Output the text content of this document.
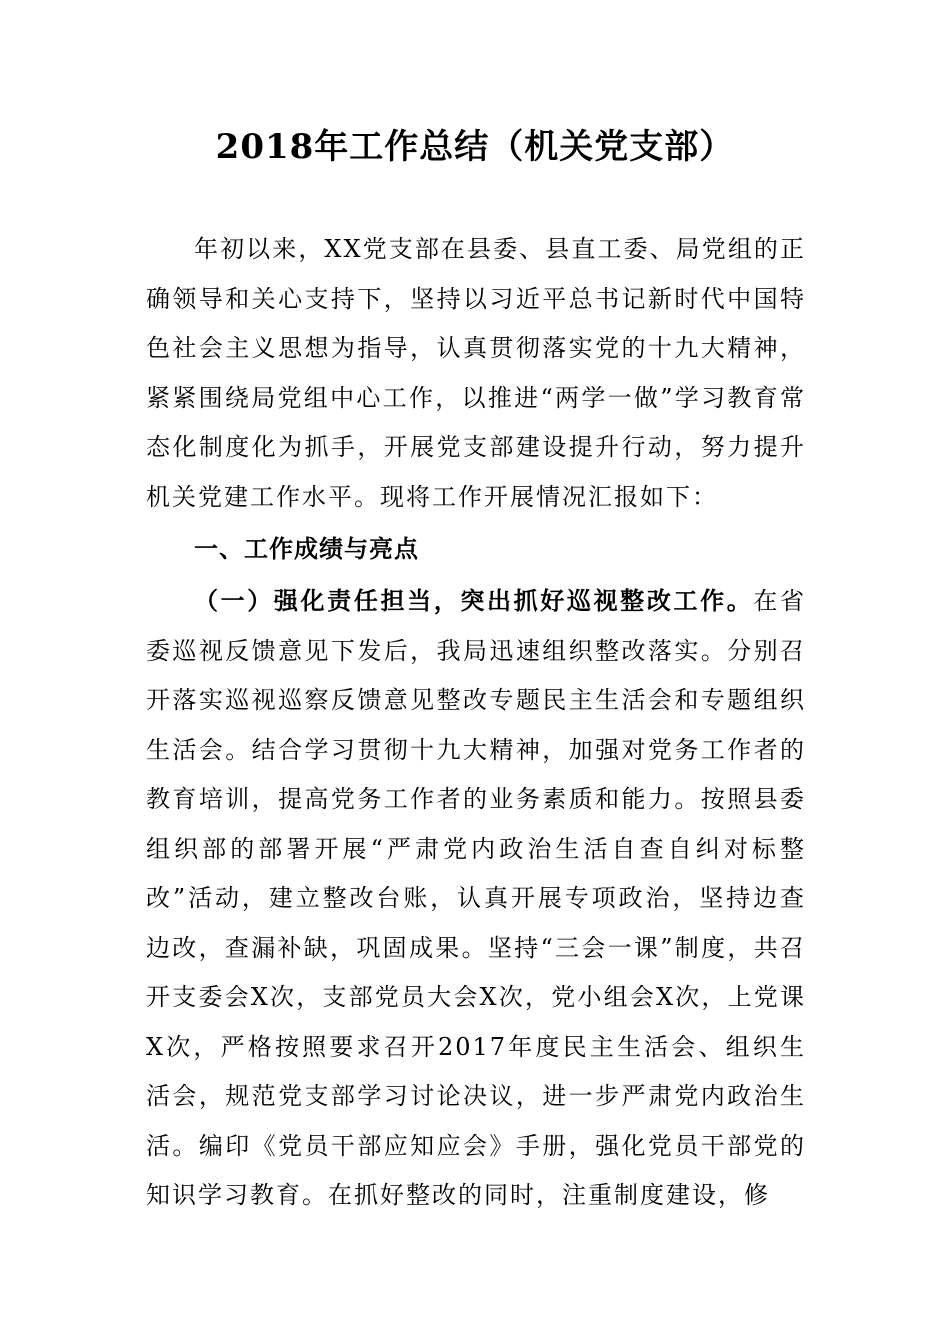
2018年工作总结（机关党支部）

年初以来，XX党支部在县委、县直工委、局党组的正确领导和关心支持下，坚持以习近平总书记新时代中国特色社会主义思想为指导，认真贯彻落实党的十九大精神，紧紧围绕局党组中心工作，以推进“两学一做”学习教育常态化制度化为抓手，开展党支部建设提升行动，努力提升机关党建工作水平。现将工作开展情况汇报如下：

一、工作成绩与亮点

（一）强化责任担当，突出抓好巡视整改工作。在省委巡视反馈意见下发后，我局迅速组织整改落实。分别召开落实巡视巡察反馈意见整改专题民主生活会和专题组织生活会。结合学习贯彻十九大精神，加强对党务工作者的教育培训，提高党务工作者的业务素质和能力。按照县委组织部的部署开展“严肃党内政治生活自查自纠对标整改”活动，建立整改台账，认真开展专项政治，坚持边查边改，查漏补缺，巩固成果。坚持“三会一课”制度，共召开支委会X次，支部党员大会X次，党小组会X次，上党课X次，严格按照要求召开2017年度民主生活会、组织生活会，规范党支部学习讨论决议，进一步严肃党内政治生活。编印《党员干部应知应会》手册，强化党员干部党的知识学习教育。在抓好整改的同时，注重制度建设，修
